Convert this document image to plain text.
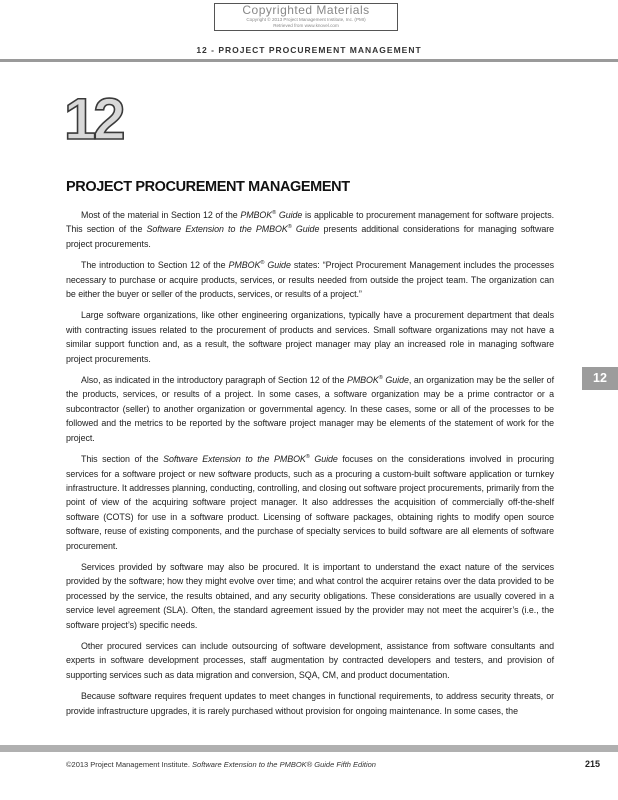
Copyrighted Materials
Copyright © 2013 Project Management Institute, Inc. (PMI)
Retrieved from www.knovel.com
12 - PROJECT PROCUREMENT MANAGEMENT
12
PROJECT PROCUREMENT MANAGEMENT

Most of the material in Section 12 of the PMBOK® Guide is applicable to procurement management for software projects. This section of the Software Extension to the PMBOK® Guide presents additional considerations for managing software project procurements.

The introduction to Section 12 of the PMBOK® Guide states: “Project Procurement Management includes the processes necessary to purchase or acquire products, services, or results needed from outside the project team. The organization can be either the buyer or seller of the products, services, or results of a project.”

Large software organizations, like other engineering organizations, typically have a procurement department that deals with contracting issues related to the procurement of products and services. Small software organizations may not have a similar support function and, as a result, the software project manager may play an increased role in managing software project procurements.

Also, as indicated in the introductory paragraph of Section 12 of the PMBOK® Guide, an organization may be the seller of the products, services, or results of a project. In some cases, a software organization may be a prime contractor or a subcontractor (seller) to another organization or governmental agency. In these cases, some or all of the processes to be followed and the metrics to be reported by the software project manager may be elements of the statement of work for the project.

This section of the Software Extension to the PMBOK® Guide focuses on the considerations involved in procuring services for a software project or new software products, such as a procuring a custom-built software application or turnkey infrastructure. It addresses planning, conducting, controlling, and closing out software project procurements, primarily from the point of view of the acquiring software project manager. It also addresses the acquisition of commercially off-the-shelf software (COTS) for use in a software product. Licensing of software packages, obtaining rights to modify open source software, reuse of existing components, and the purchase of specialty services to build software are all elements of software procurement.

Services provided by software may also be procured. It is important to understand the exact nature of the services provided by the software; how they might evolve over time; and what control the acquirer retains over the data provided to be processed by the service, the results obtained, and any security obligations. These considerations are usually covered in a service level agreement (SLA). Often, the standard agreement issued by the provider may not meet the acquirer’s (i.e., the software project’s) specific needs.

Other procured services can include outsourcing of software development, assistance from software consultants and experts in software development processes, staff augmentation by contracted developers and testers, and provision of supporting services such as data migration and conversion, SQA, CM, and product documentation.

Because software requires frequent updates to meet changes in functional requirements, to address security threats, or provide infrastructure upgrades, it is rarely purchased without provision for ongoing maintenance. In some cases, the

12
©2013 Project Management Institute. Software Extension to the PMBOK® Guide Fifth Edition	215
